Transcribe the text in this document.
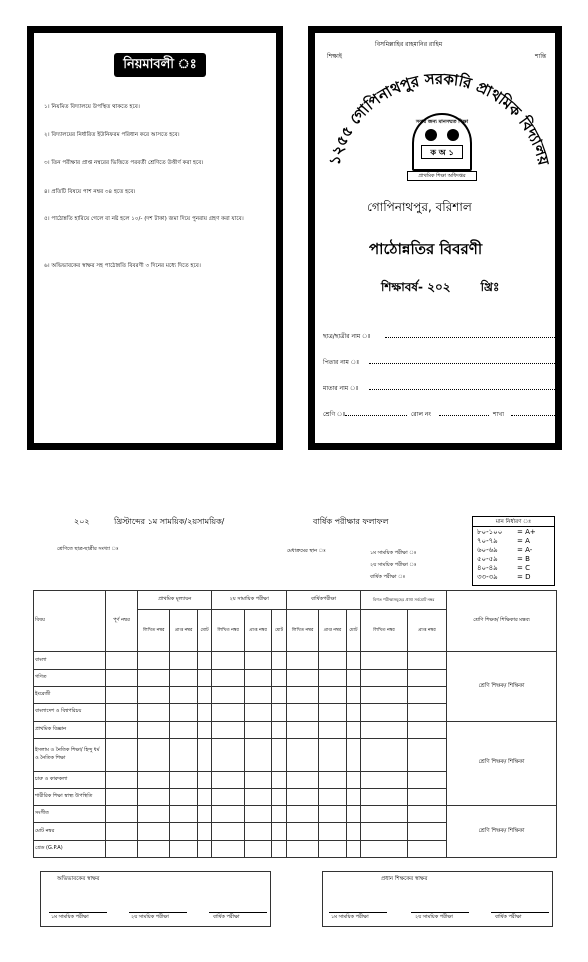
নিয়মাবলী ঃ
১। নিয়মিত বিদ্যালয়ে উপস্থিত থাকতে হবে।
২। বিদ্যালয়ের নির্ধারিত ইউনিফরম পরিধান করে আসতে হবে।
৩। তিন পরীক্ষার প্রাপ্ত নম্বরের ভিত্তিতে পরবর্তী শ্রেণিতে উত্তীর্ণ করা হবে।
৪। প্রতিটি বিষয়ে পাশ নম্বর ৩৪ হতে হবে।
৫। পাঠোন্নতি হারিয়ে গেলে বা নষ্ট হলে ১০/- (দশ টাকা) জমা দিয়ে পুনরায় গ্রহণ করা যাবে।
৬। অভিভাবকের স্বাক্ষর সহ পাঠোন্নতি বিবরণী ৩ দিনের মধ্যে দিতে হবে।
বিসমিল্লাহির রাহমানির রাহিম
শিক্ষাই	শান্তি
১২৫৫ গোপিনাথপুর সরকারি প্রাথমিক বিদ্যালয়
সবার জন্য মানসম্মত শিক্ষা
ক অ ১
প্রাথমিক শিক্ষা অধিদপ্তর
গোপিনাথপুর, বরিশাল
পাঠোন্নতির বিবরণী
শিক্ষাবর্ষ- ২০২	খ্রিঃ
ছাত্র/ছাত্রীর নাম ঃ
পিতার নাম ঃ
মাতার নাম ঃ
শ্রেণি ঃ	রোল নং	শাখা
২০২	খ্রিস্টাব্দের ১ম সাময়িক/২য়সাময়িক/	বার্ষিক পরীক্ষার ফলাফল
শ্রেণিতে ছাত্র-ছাত্রীর সংখ্যা ঃ	মেধাক্রমের স্থান ঃ	১ম সাময়িক পরীক্ষা ঃ
২য় সাময়িক পরীক্ষা ঃ
বার্ষিক পরীক্ষা ঃ
মান নির্ধারণ ঃ
৮০-১০০	= A+
৭০-৭৯	= A
৬০-৬৯	= A-
৫০-৫৯	= B
৪০-৪৯	= C
৩৩-৩৯	= D
বিষয়	পূর্ণ নম্বর	প্রাথমিক মূল্যায়ন			২য় সামায়িক পরীক্ষা			বার্ষিকপরীক্ষা			বিগত পরীক্ষাসমূহের প্রাপ্ত সর্বমোট নম্বর		শ্রেণি শিক্ষক/ শিক্ষিকার মন্তব্য
		লিখিত নম্বর	প্রাপ্ত নম্বর	মোট	লিখিত নম্বর	প্রাপ্ত নম্বর	মোট	লিখিত নম্বর	প্রাপ্ত নম্বর	মোট	লিখিত নম্বর	প্রাপ্ত নম্বর	
বাংলা													শ্রেণি শিক্ষক/ শিক্ষিকা
গণিত													
ইংরেজী													
বাংলাদেশ ও বিশ্বপরিচয়													
প্রাথমিক বিজ্ঞান													শ্রেণি শিক্ষক/ শিক্ষিকা
ইসলাম ও নৈতিক শিক্ষা/ হিন্দু ধর্ম ও নৈতিক শিক্ষা													
চারু ও কারুকলা													
শারীরিক শিক্ষা স্বাস্থ্য উপস্থিতি													
সংগীত													শ্রেণি শিক্ষক/ শিক্ষিকা
মোট নম্বর													
গ্রেড (G.P.A)													
অভিভাবকের স্বাক্ষর
১ম সাময়িক পরীক্ষা	২য় সাময়িক পরীক্ষা	বার্ষিক পরীক্ষা
প্রধান শিক্ষকের স্বাক্ষর
১ম সাময়িক পরীক্ষা	২য় সাময়িক পরীক্ষা	বার্ষিক পরীক্ষা
